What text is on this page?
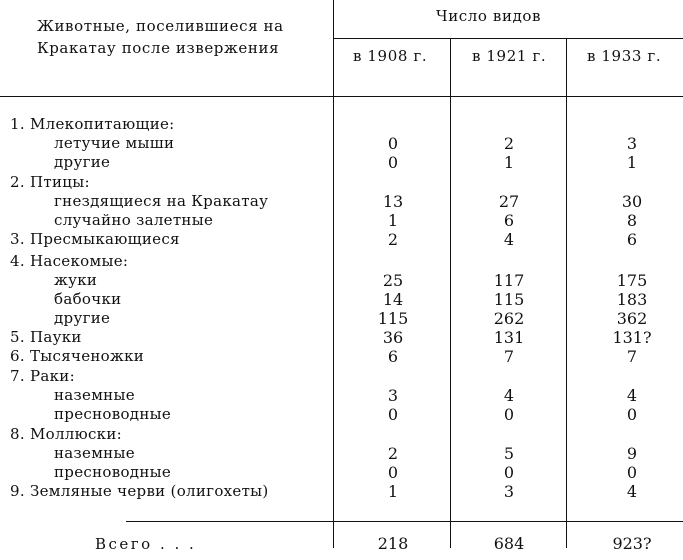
Животные, поселившиеся на
Кракатау после извержения
Число видов
в 1908 г.	в 1921 г.	в 1933 г.
1. Млекопитающие:
летучие мыши	0	2	3
другие	0	1	1
2. Птицы:
гнездящиеся на Кракатау	13	27	30
случайно залетные	1	6	8
3. Пресмыкающиеся	2	4	6
4. Насекомые:
жуки	25	117	175
бабочки	14	115	183
другие	115	262	362
5. Пауки	36	131	131?
6. Тысяченожки	6	7	7
7. Раки:
наземные	3	4	4
пресноводные	0	0	0
8. Моллюски:
наземные	2	5	9
пресноводные	0	0	0
9. Земляные черви (олигохеты)	1	3	4
Всего . . .	218	684	923?
